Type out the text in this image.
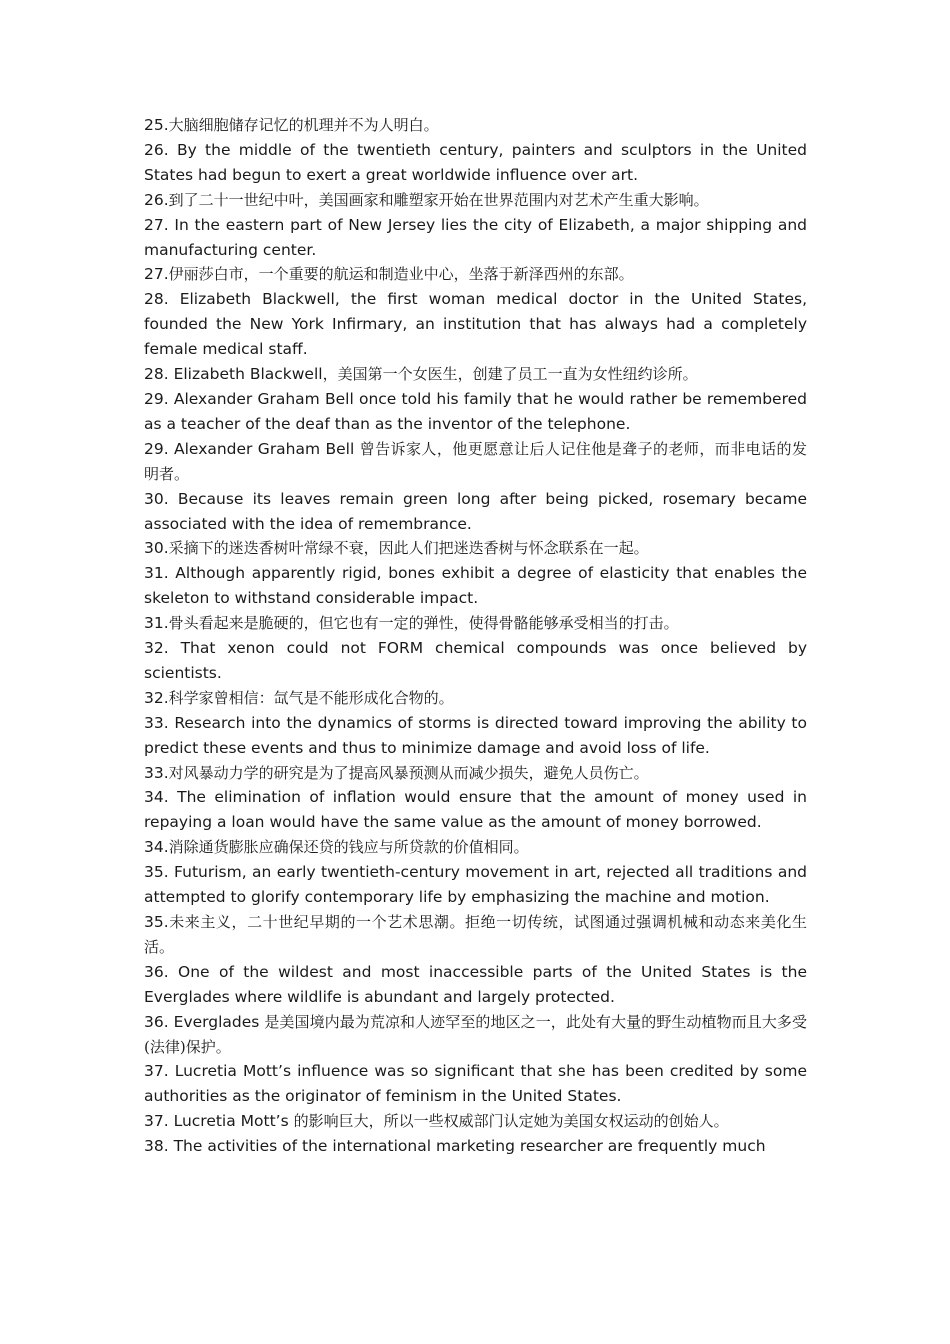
25.大脑细胞储存记忆的机理并不为人明白。

26. By the middle of the twentieth century, painters and sculptors in the United States had begun to exert a great worldwide influence over art.

26.到了二十一世纪中叶，美国画家和雕塑家开始在世界范围内对艺术产生重大影响。

27. In the eastern part of New Jersey lies the city of Elizabeth, a major shipping and manufacturing center.

27.伊丽莎白市，一个重要的航运和制造业中心，坐落于新泽西州的东部。

28. Elizabeth Blackwell, the first woman medical doctor in the United States, founded the New York Infirmary, an institution that has always had a completely female medical staff.

28. Elizabeth Blackwell，美国第一个女医生，创建了员工一直为女性纽约诊所。

29. Alexander Graham Bell once told his family that he would rather be remembered as a teacher of the deaf than as the inventor of the telephone.

29. Alexander Graham Bell 曾告诉家人，他更愿意让后人记住他是聋子的老师，而非电话的发明者。

30. Because its leaves remain green long after being picked, rosemary became associated with the idea of remembrance.

30.采摘下的迷迭香树叶常绿不衰，因此人们把迷迭香树与怀念联系在一起。

31. Although apparently rigid, bones exhibit a degree of elasticity that enables the skeleton to withstand considerable impact.

31.骨头看起来是脆硬的，但它也有一定的弹性，使得骨骼能够承受相当的打击。

32. That xenon could not FORM chemical compounds was once believed by scientists.

32.科学家曾相信：氙气是不能形成化合物的。

33. Research into the dynamics of storms is directed toward improving the ability to predict these events and thus to minimize damage and avoid loss of life.

33.对风暴动力学的研究是为了提高风暴预测从而减少损失，避免人员伤亡。

34. The elimination of inflation would ensure that the amount of money used in repaying a loan would have the same value as the amount of money borrowed.

34.消除通货膨胀应确保还贷的钱应与所贷款的价值相同。

35. Futurism, an early twentieth-century movement in art, rejected all traditions and attempted to glorify contemporary life by emphasizing the machine and motion.

35.未来主义，二十世纪早期的一个艺术思潮。拒绝一切传统，试图通过强调机械和动态来美化生活。

36. One of the wildest and most inaccessible parts of the United States is the Everglades where wildlife is abundant and largely protected.

36. Everglades 是美国境内最为荒凉和人迹罕至的地区之一，此处有大量的野生动植物而且大多受(法律)保护。

37. Lucretia Mott’s influence was so significant that she has been credited by some authorities as the originator of feminism in the United States.

37. Lucretia Mott’s 的影响巨大，所以一些权威部门认定她为美国女权运动的创始人。

38. The activities of the international marketing researcher are frequently much
